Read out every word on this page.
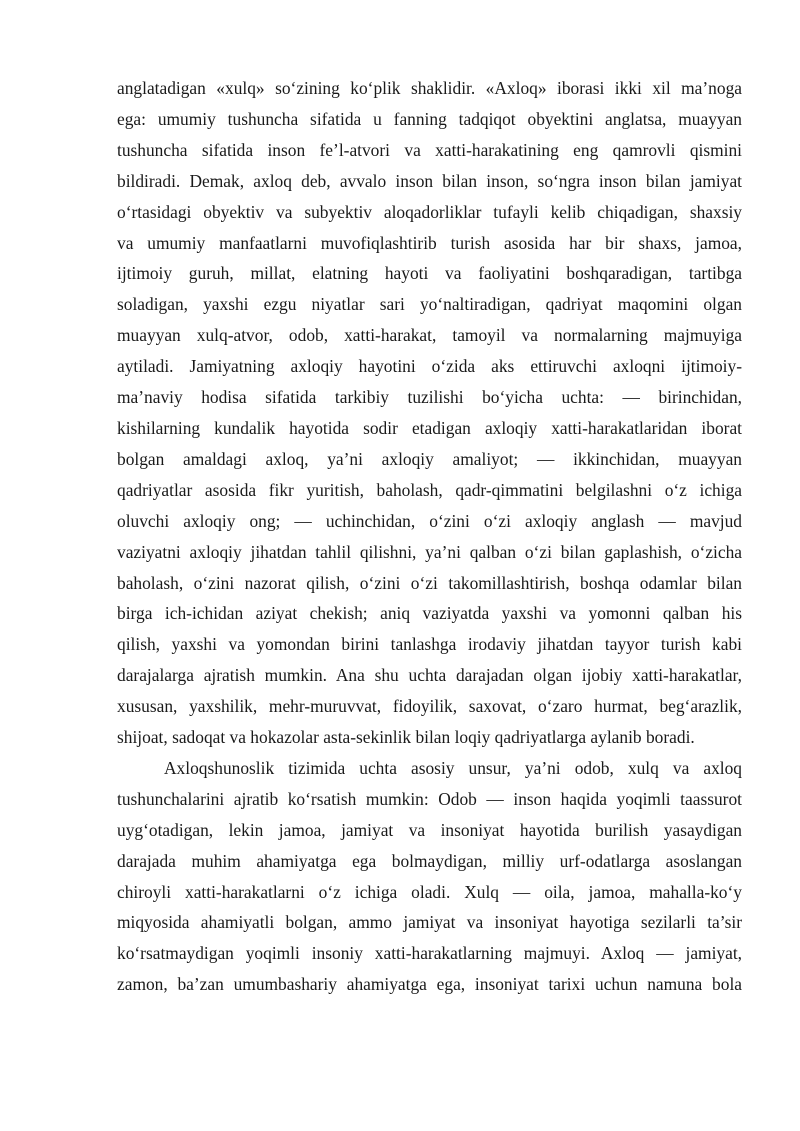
anglatadigan «xulq» so‘zining ko‘plik shaklidir. «Axloq» iborasi ikki xil ma’noga
ega: umumiy tushuncha sifatida u fanning tadqiqot obyektini anglatsa, muayyan
tushuncha sifatida inson fe’l-atvori va xatti-harakatining eng qamrovli qismini
bildiradi. Demak, axloq deb, avvalo inson bilan inson, so‘ngra inson bilan jamiyat
o‘rtasidagi obyektiv va subyektiv aloqadorliklar tufayli kelib chiqadigan, shaxsiy
va umumiy manfaatlarni muvofiqlashtirib turish asosida har bir shaxs, jamoa,
ijtimoiy guruh, millat, elatning hayoti va faoliyatini boshqaradigan, tartibga
soladigan, yaxshi ezgu niyatlar sari yo‘naltiradigan, qadriyat maqomini olgan
muayyan xulq-atvor, odob, xatti-harakat, tamoyil va normalarning majmuyiga
aytiladi. Jamiyatning axloqiy hayotini o‘zida aks ettiruvchi axloqni ijtimoiy-
ma’naviy hodisa sifatida tarkibiy tuzilishi bo‘yicha uchta: — birinchidan,
kishilarning kundalik hayotida sodir etadigan axloqiy xatti-harakatlaridan iborat
bolgan amaldagi axloq, ya’ni axloqiy amaliyot; — ikkinchidan, muayyan
qadriyatlar asosida fikr yuritish, baholash, qadr-qimmatini belgilashni o‘z ichiga
oluvchi axloqiy ong; — uchinchidan, o‘zini o‘zi axloqiy anglash — mavjud
vaziyatni axloqiy jihatdan tahlil qilishni, ya’ni qalban o‘zi bilan gaplashish, o‘zicha
baholash, o‘zini nazorat qilish, o‘zini o‘zi takomillashtirish, boshqa odamlar bilan
birga ich-ichidan aziyat chekish; aniq vaziyatda yaxshi va yomonni qalban his
qilish, yaxshi va yomondan birini tanlashga irodaviy jihatdan tayyor turish kabi
darajalarga ajratish mumkin. Ana shu uchta darajadan olgan ijobiy xatti-harakatlar,
xususan, yaxshilik, mehr-muruvvat, fidoyilik, saxovat, o‘zaro hurmat, beg‘arazlik,
shijoat, sadoqat va hokazolar asta-sekinlik bilan loqiy qadriyatlarga aylanib boradi.
Axloqshunoslik tizimida uchta asosiy unsur, ya’ni odob, xulq va axloq
tushunchalarini ajratib ko‘rsatish mumkin: Odob — inson haqida yoqimli taassurot
uyg‘otadigan, lekin jamoa, jamiyat va insoniyat hayotida burilish yasaydigan
darajada muhim ahamiyatga ega bolmaydigan, milliy urf-odatlarga asoslangan
chiroyli xatti-harakatlarni o‘z ichiga oladi. Xulq — oila, jamoa, mahalla-ko‘y
miqyosida ahamiyatli bolgan, ammo jamiyat va insoniyat hayotiga sezilarli ta’sir
ko‘rsatmaydigan yoqimli insoniy xatti-harakatlarning majmuyi. Axloq — jamiyat,
zamon, ba’zan umumbashariy ahamiyatga ega, insoniyat tarixi uchun namuna bola
